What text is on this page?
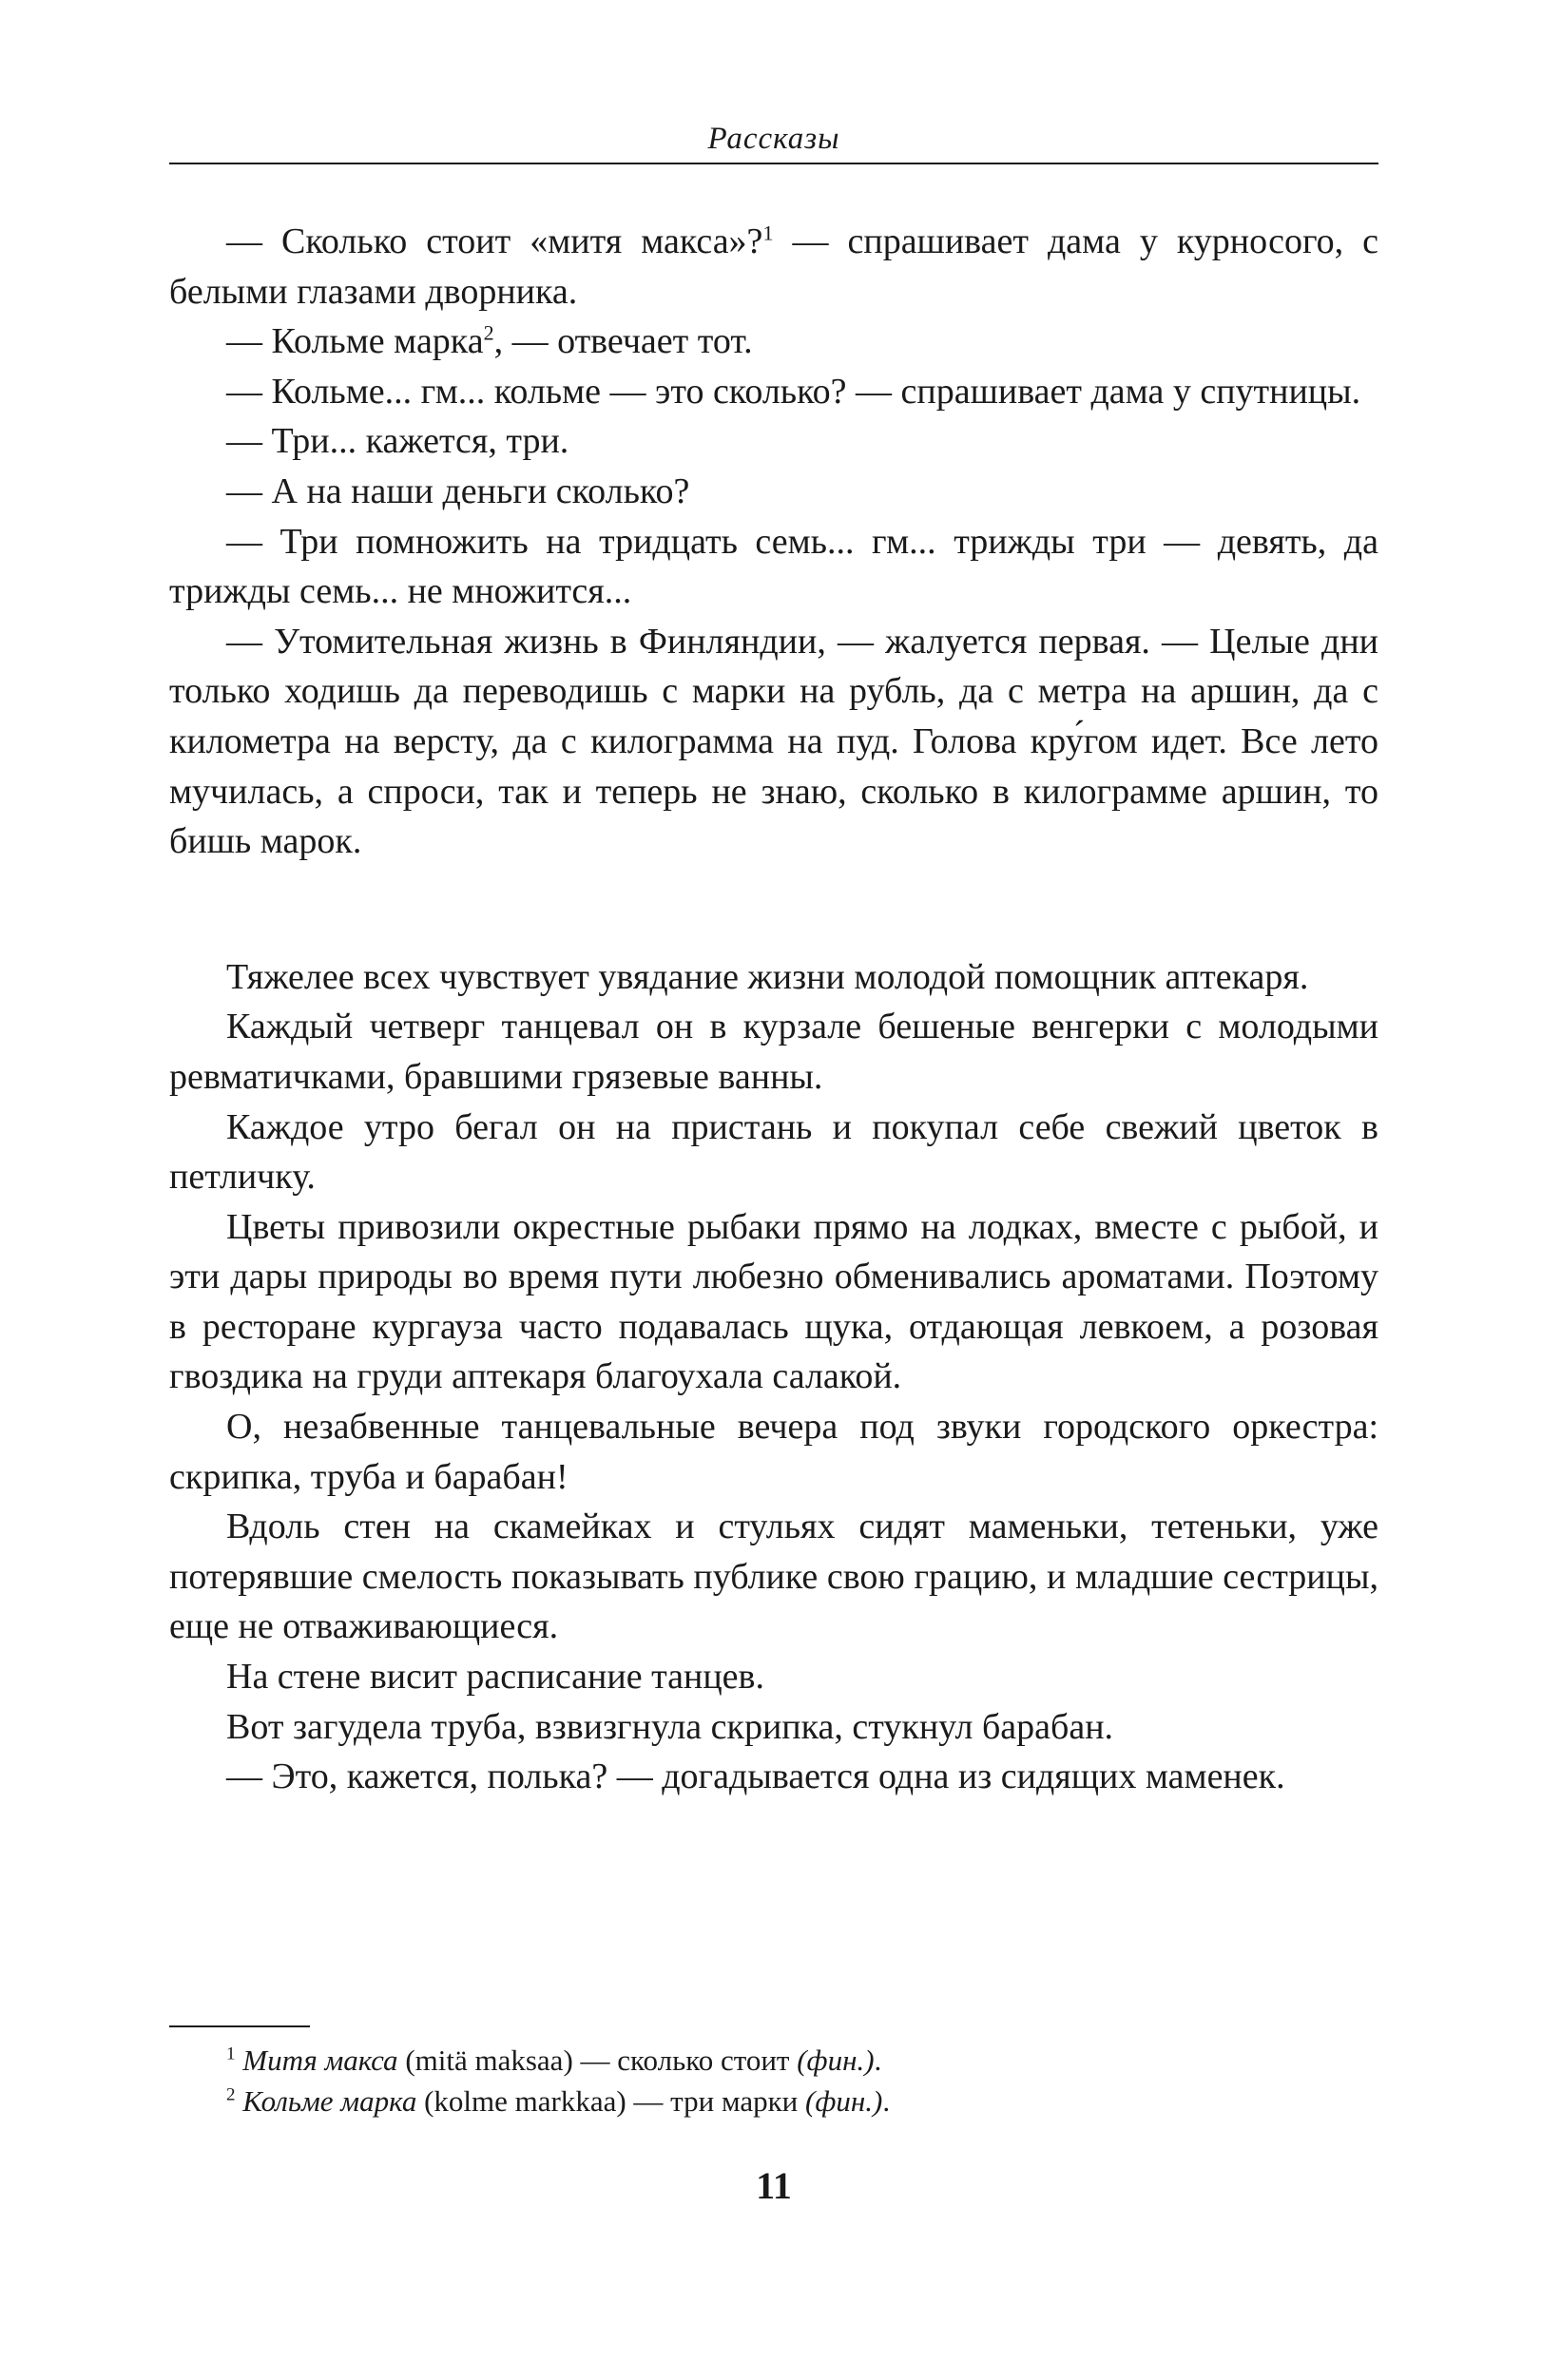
Рассказы

— Сколько стоит «митя макса»?$^1$ — спрашивает дама у курносого, с белыми глазами дворника.

— Кольме марка$^2$, — отвечает тот.

— Кольме... гм... кольме — это сколько? — спрашивает дама у спутницы.

— Три... кажется, три.

— А на наши деньги сколько?

— Три помножить на тридцать семь... гм... трижды три — девять, да трижды семь... не множится...

— Утомительная жизнь в Финляндии, — жалуется первая. — Целые дни только ходишь да переводишь с марки на рубль, да с метра на аршин, да с километра на версту, да с килограмма на пуд. Голова кру́гом идет. Все лето мучилась, а спроси, так и теперь не знаю, сколько в килограмме аршин, то бишь марок.

Тяжелее всех чувствует увядание жизни молодой помощник аптекаря.

Каждый четверг танцевал он в курзале бешеные венгерки с молодыми ревматичками, бравшими грязевые ванны.

Каждое утро бегал он на пристань и покупал себе свежий цветок в петличку.

Цветы привозили окрестные рыбаки прямо на лодках, вместе с рыбой, и эти дары природы во время пути любезно обменивались ароматами. Поэтому в ресторане кургауза часто подавалась щука, отдающая левкоем, а розовая гвоздика на груди аптекаря благоухала салакой.

О, незабвенные танцевальные вечера под звуки городского оркестра: скрипка, труба и барабан!

Вдоль стен на скамейках и стульях сидят маменьки, тетеньки, уже потерявшие смелость показывать публике свою грацию, и младшие сестрицы, еще не отваживающиеся.

На стене висит расписание танцев.

Вот загудела труба, взвизгнула скрипка, стукнул барабан.

— Это, кажется, полька? — догадывается одна из сидящих маменек.

$^1$ Митя макса (mitä maksaa) — сколько стоит (фин.).

$^2$ Кольме марка (kolme markkaa) — три марки (фин.).

11
